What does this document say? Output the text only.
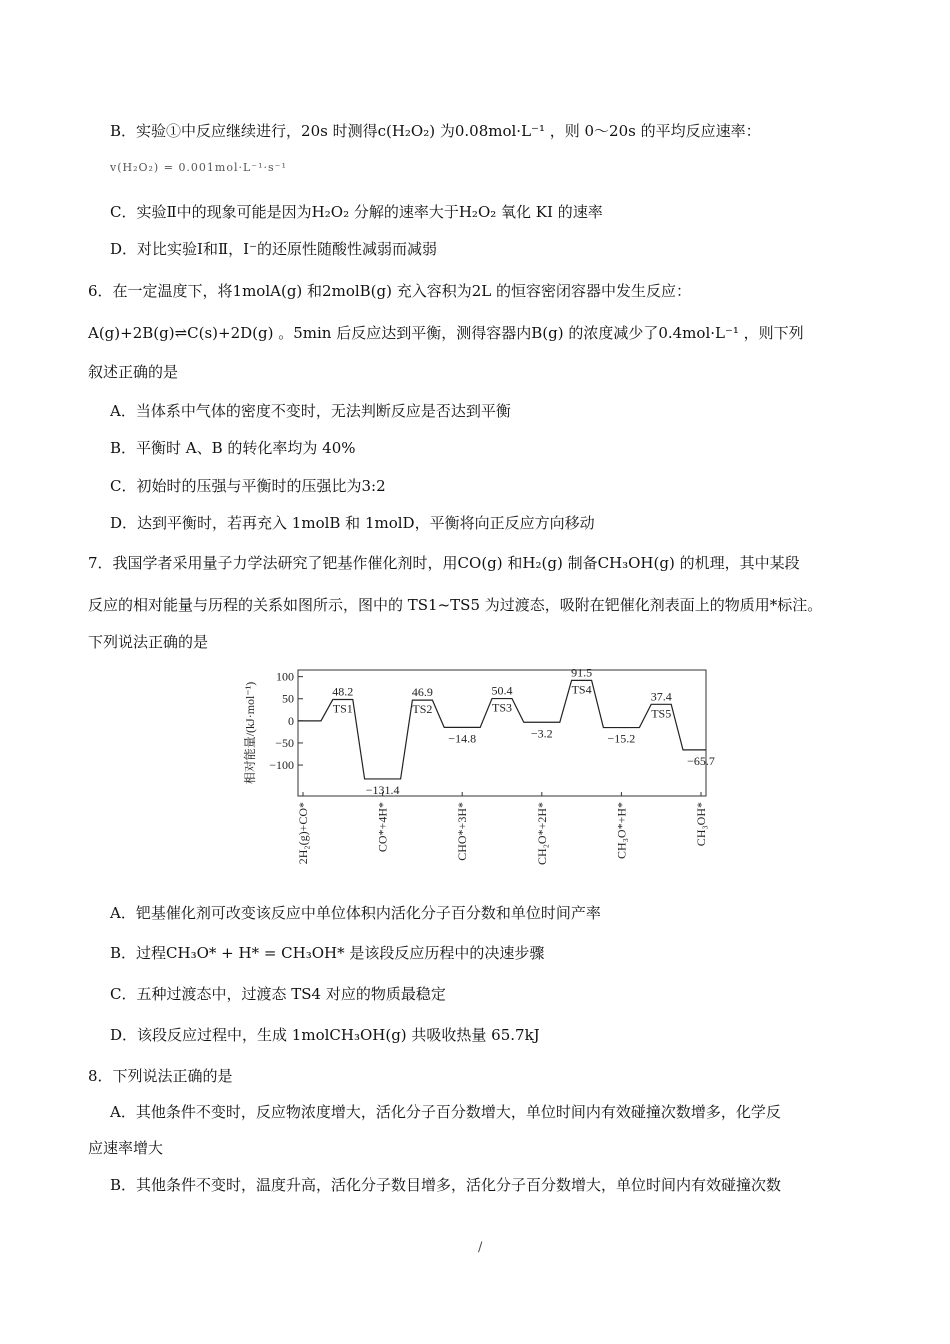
B．实验①中反应继续进行，20s 时测得c(H₂O₂) 为0.08mol·L⁻¹ ，则 0～20s 的平均反应速率：
v(H₂O₂) = 0.001mol·L⁻¹·s⁻¹
C．实验Ⅱ中的现象可能是因为H₂O₂ 分解的速率大于H₂O₂ 氧化 KI 的速率
D．对比实验Ⅰ和Ⅱ，I⁻的还原性随酸性减弱而减弱
6．在一定温度下，将1molA(g) 和2molB(g) 充入容积为2L 的恒容密闭容器中发生反应：
A(g)+2B(g)⇌C(s)+2D(g) 。5min 后反应达到平衡，测得容器内B(g) 的浓度减少了0.4mol·L⁻¹ ，则下列
叙述正确的是
A．当体系中气体的密度不变时，无法判断反应是否达到平衡
B．平衡时 A、B 的转化率均为 40%
C．初始时的压强与平衡时的压强比为3:2
D．达到平衡时，若再充入 1molB 和 1molD，平衡将向正反应方向移动
7．我国学者采用量子力学法研究了钯基作催化剂时，用CO(g) 和H₂(g) 制备CH₃OH(g) 的机理，其中某段
反应的相对能量与历程的关系如图所示，图中的 TS1~TS5 为过渡态，吸附在钯催化剂表面上的物质用*标注。
下列说法正确的是
100
50
0
−50
−100
相对能量/(kJ·mol⁻¹)	48.2
TS1
2H₂(g)+CO*
46.9
TS2
−131.4
CO*+4H*
50.4
TS3
−14.8
CHO*+3H*
91.5
TS4
−3.2
CH₂O*+2H*
37.4
TS5
−15.2
CH₃O*+H*
−65.7
CH₃OH*
A．钯基催化剂可改变该反应中单位体积内活化分子百分数和单位时间产率
B．过程CH₃O* + H* = CH₃OH* 是该段反应历程中的决速步骤
C．五种过渡态中，过渡态 TS4 对应的物质最稳定
D．该段反应过程中，生成 1molCH₃OH(g) 共吸收热量 65.7kJ
8．下列说法正确的是
A．其他条件不变时，反应物浓度增大，活化分子百分数增大，单位时间内有效碰撞次数增多，化学反
应速率增大
B．其他条件不变时，温度升高，活化分子数目增多，活化分子百分数增大，单位时间内有效碰撞次数
/
